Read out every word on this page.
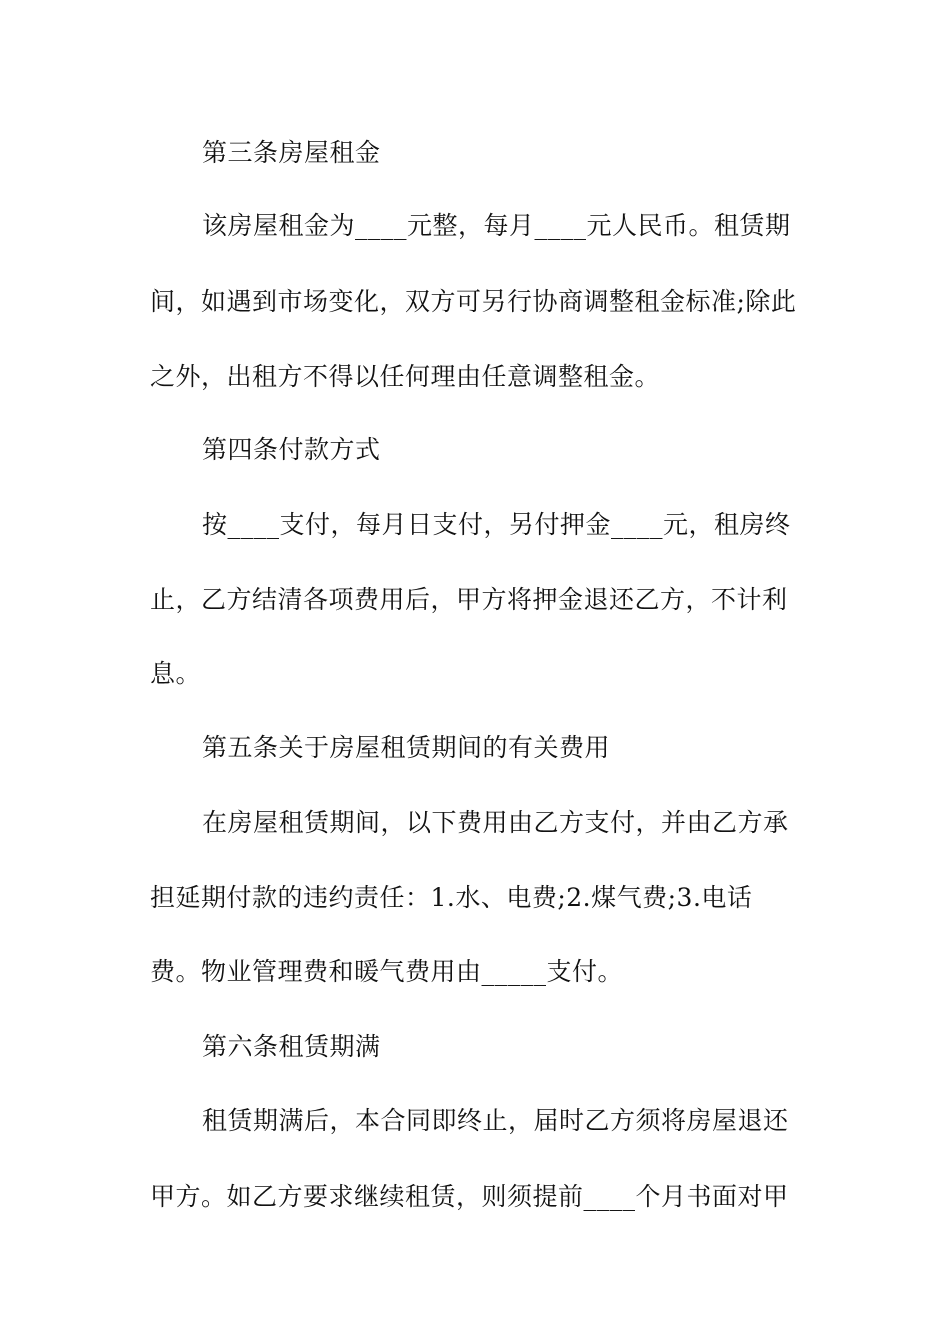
第三条房屋租金
该房屋租金为____元整，每月____元人民币。租赁期
间，如遇到市场变化，双方可另行协商调整租金标准;除此
之外，出租方不得以任何理由任意调整租金。
第四条付款方式
按____支付，每月日支付，另付押金____元，租房终
止，乙方结清各项费用后，甲方将押金退还乙方，不计利
息。
第五条关于房屋租赁期间的有关费用
在房屋租赁期间，以下费用由乙方支付，并由乙方承
担延期付款的违约责任：1.水、电费;2.煤气费;3.电话
费。物业管理费和暖气费用由_____支付。
第六条租赁期满
租赁期满后，本合同即终止，届时乙方须将房屋退还
甲方。如乙方要求继续租赁，则须提前____个月书面对甲
